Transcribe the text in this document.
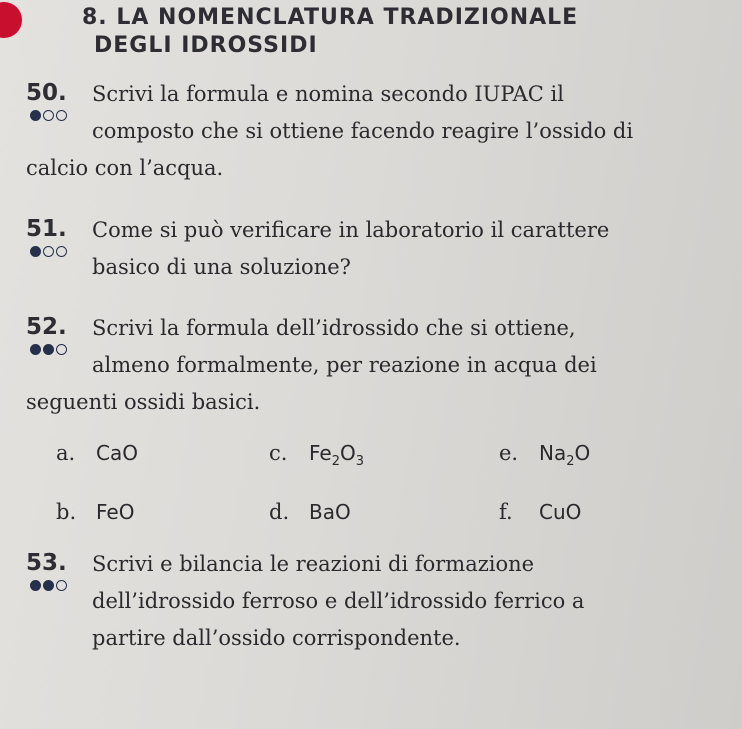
8. LA NOMENCLATURA TRADIZIONALE
DEGLI IDROSSIDI
50.	Scrivi la formula e nomina secondo IUPAC il
composto che si ottiene facendo reagire l’ossido di
calcio con l’acqua.
51.	Come si può verificare in laboratorio il carattere
basico di una soluzione?
52.	Scrivi la formula dell’idrossido che si ottiene,
almeno formalmente, per reazione in acqua dei
seguenti ossidi basici.
a.	CaO	c.	$Fe_2O_3$	e.	$Na_2O$
b. FeO	d. BaO	f.	CuO
53.	Scrivi e bilancia le reazioni di formazione
dell’idrossido ferroso e dell’idrossido ferrico a
partire dall’ossido corrispondente.
